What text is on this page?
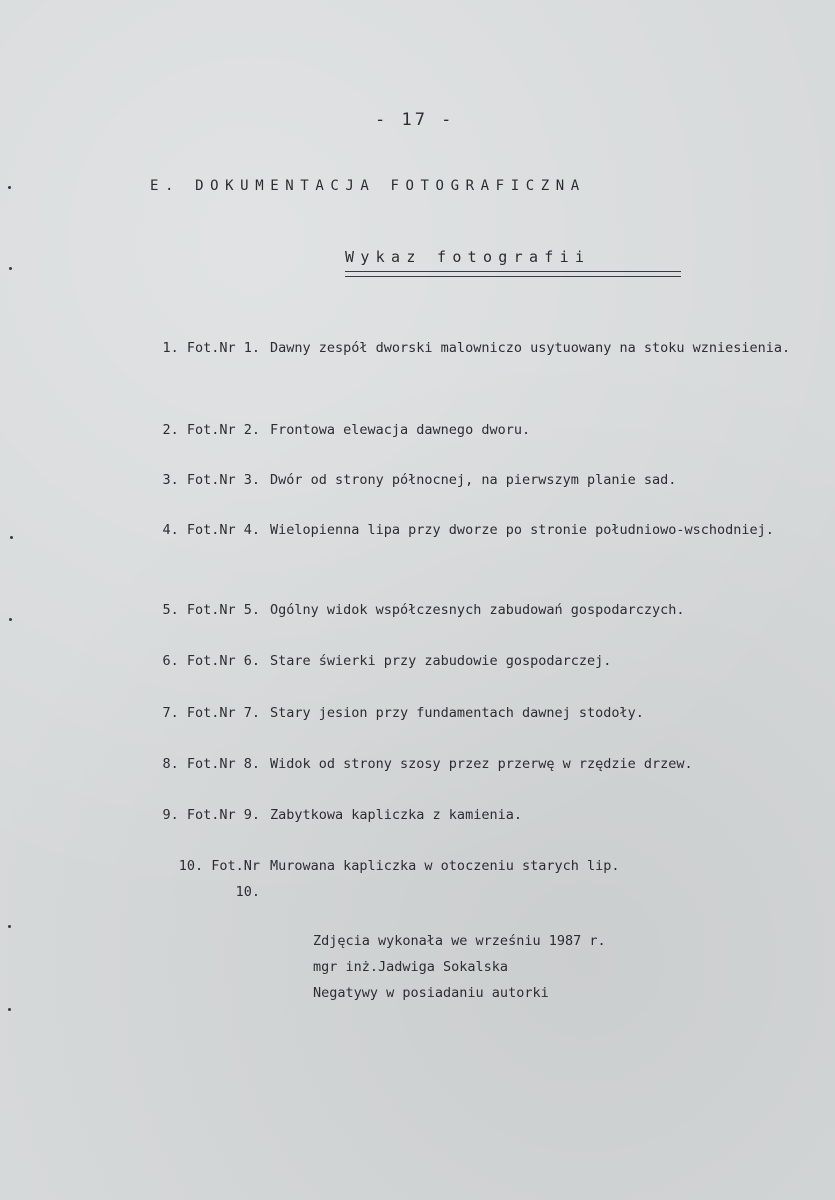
- 17 -
E. DOKUMENTACJA FOTOGRAFICZNA
Wykaz fotografii
1. Fot.Nr 1. Dawny zespół dworski malowniczo usytuowany na stoku wzniesienia.
2. Fot.Nr 2. Frontowa elewacja dawnego dworu.
3. Fot.Nr 3. Dwór od strony północnej, na pierwszym planie sad.
4. Fot.Nr 4. Wielopienna lipa przy dworze po stronie południowo-wschodniej.
5. Fot.Nr 5. Ogólny widok współczesnych zabudowań gospodarczych.
6. Fot.Nr 6. Stare świerki przy zabudowie gospodarczej.
7. Fot.Nr 7. Stary jesion przy fundamentach dawnej stodoły.
8. Fot.Nr 8. Widok od strony szosy przez przerwę w rzędzie drzew.
9. Fot.Nr 9. Zabytkowa kapliczka z kamienia.
10. Fot.Nr 10.
Murowana kapliczka w otoczeniu starych lip.
Zdjęcia wykonała we wrześniu 1987 r.
mgr inż.Jadwiga Sokalska
Negatywy w posiadaniu autorki
